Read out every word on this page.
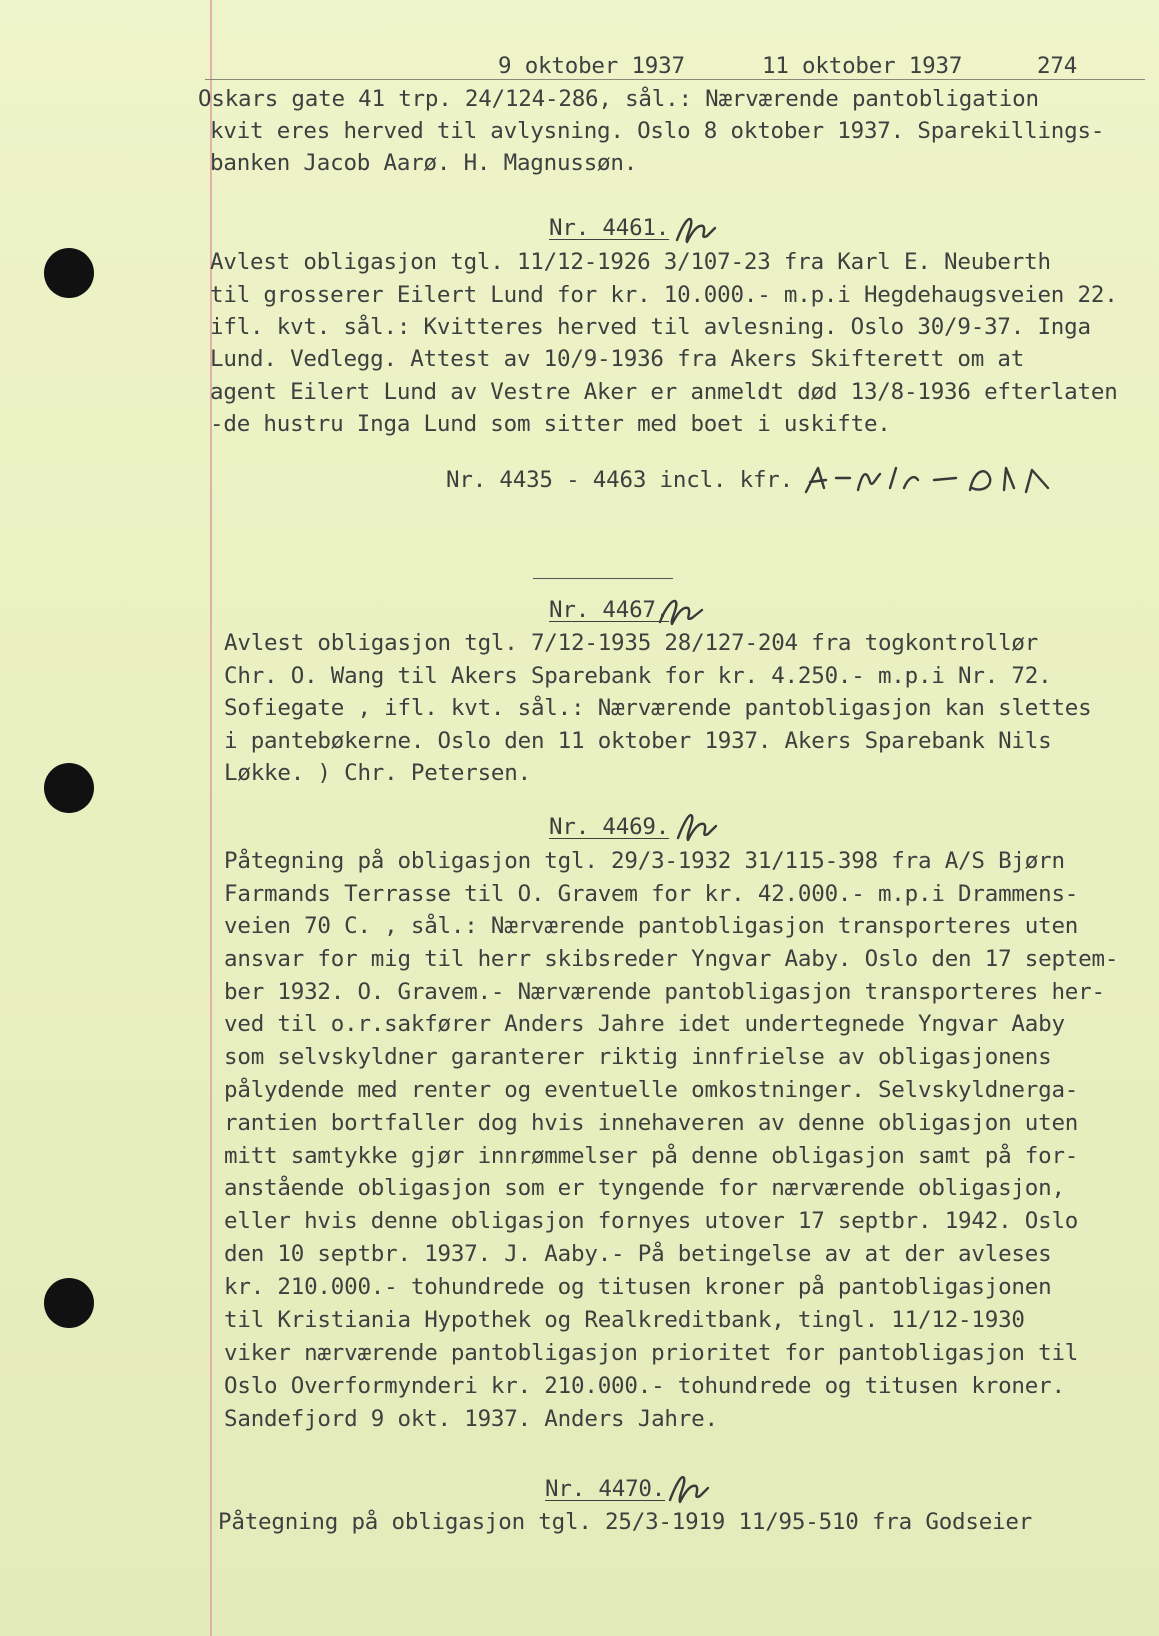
9 oktober 1937	11 oktober 1937	274
Oskars gate 41 trp. 24/124-286, sål.: Nærværende pantobligation
kvit eres herved til avlysning. Oslo 8 oktober 1937. Sparekillings-
banken Jacob Aarø. H. Magnussøn.
Nr. 4461.
Avlest obligasjon tgl. 11/12-1926 3/107-23 fra Karl E. Neuberth
til grosserer Eilert Lund for kr. 10.000.- m.p.i Hegdehaugsveien 22.
ifl. kvt. sål.: Kvitteres herved til avlesning. Oslo 30/9-37. Inga
Lund. Vedlegg. Attest av 10/9-1936 fra Akers Skifterett om at
agent Eilert Lund av Vestre Aker er anmeldt død 13/8-1936 efterlaten
-de hustru Inga Lund som sitter med boet i uskifte.
Nr. 4435 - 4463 incl. kfr.
Nr. 4467.
Avlest obligasjon tgl. 7/12-1935 28/127-204 fra togkontrollør
Chr. O. Wang til Akers Sparebank for kr. 4.250.- m.p.i Nr. 72.
Sofiegate , ifl. kvt. sål.: Nærværende pantobligasjon kan slettes
i pantebøkerne. Oslo den 11 oktober 1937. Akers Sparebank Nils
Løkke. ) Chr. Petersen.
Nr. 4469.
Påtegning på obligasjon tgl. 29/3-1932 31/115-398 fra A/S Bjørn
Farmands Terrasse til O. Gravem for kr. 42.000.- m.p.i Drammens-
veien 70 C. , sål.: Nærværende pantobligasjon transporteres uten
ansvar for mig til herr skibsreder Yngvar Aaby. Oslo den 17 septem-
ber 1932. O. Gravem.- Nærværende pantobligasjon transporteres her-
ved til o.r.sakfører Anders Jahre idet undertegnede Yngvar Aaby
som selvskyldner garanterer riktig innfrielse av obligasjonens
pålydende med renter og eventuelle omkostninger. Selvskyldnerga-
rantien bortfaller dog hvis innehaveren av denne obligasjon uten
mitt samtykke gjør innrømmelser på denne obligasjon samt på for-
anstående obligasjon som er tyngende for nærværende obligasjon,
eller hvis denne obligasjon fornyes utover 17 septbr. 1942. Oslo
den 10 septbr. 1937. J. Aaby.- På betingelse av at der avleses
kr. 210.000.- tohundrede og titusen kroner på pantobligasjonen
til Kristiania Hypothek og Realkreditbank, tingl. 11/12-1930
viker nærværende pantobligasjon prioritet for pantobligasjon til
Oslo Overformynderi kr. 210.000.- tohundrede og titusen kroner.
Sandefjord 9 okt. 1937. Anders Jahre.
Nr. 4470.
Påtegning på obligasjon tgl. 25/3-1919 11/95-510 fra Godseier
